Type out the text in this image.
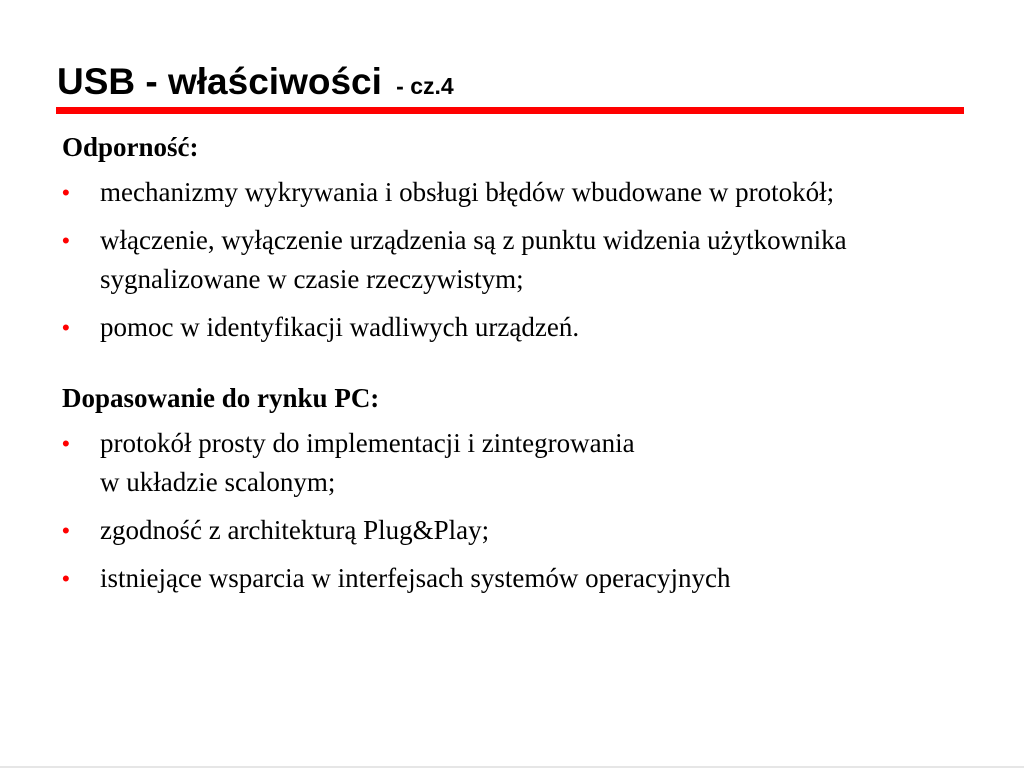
USB - właściwości - cz.4

Odporność:

• mechanizmy wykrywania i obsługi błędów wbudowane w protokół;
• włączenie, wyłączenie urządzenia są z punktu widzenia użytkownika sygnalizowane w czasie rzeczywistym;
• pomoc w identyfikacji wadliwych urządzeń.

Dopasowanie do rynku PC:

• protokół prosty do implementacji i zintegrowania
w układzie scalonym;
• zgodność z architekturą Plug&Play;
• istniejące wsparcia w interfejsach systemów operacyjnych
